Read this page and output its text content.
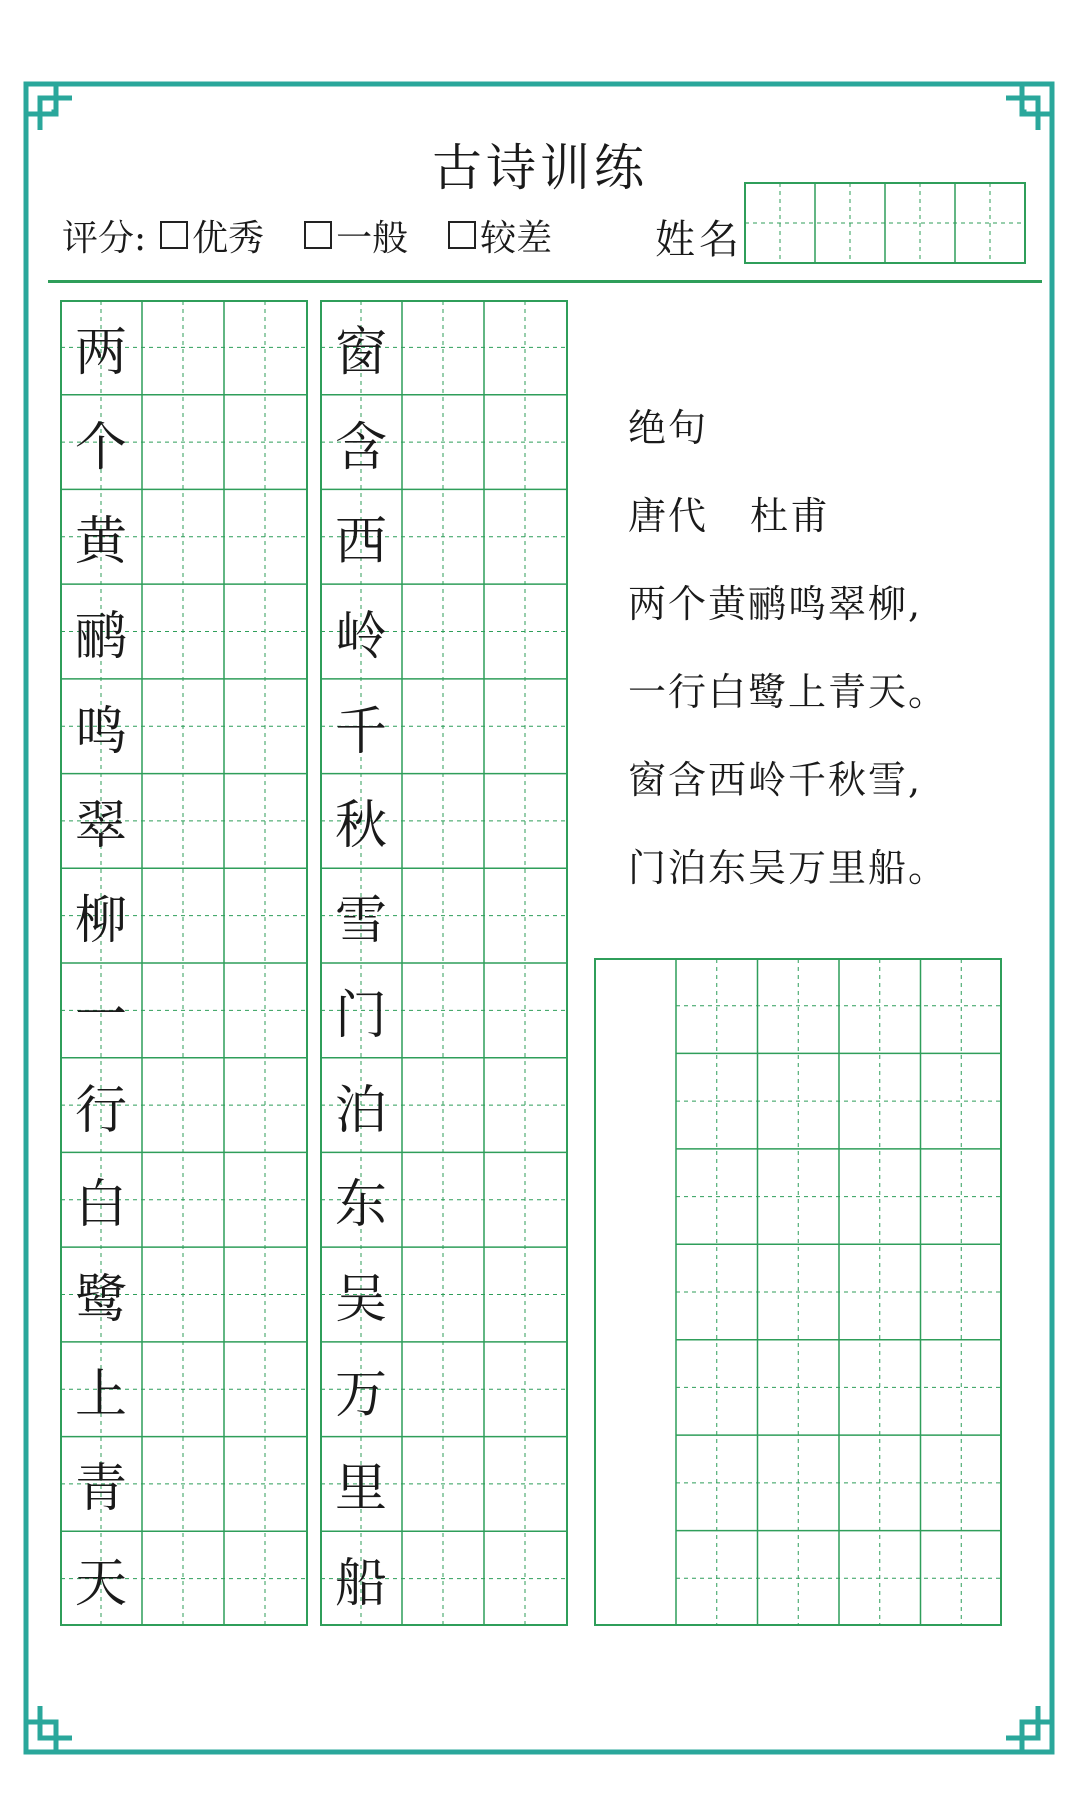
古诗训练
评分: 优秀 一般 较差	姓名
两
个
黄
鹂
鸣
翠
柳
一
行
白
鹭
上
青
天
窗
含
西
岭
千
秋
雪
门
泊
东
吴
万
里
船
绝句
唐代 杜甫
两个黄鹂鸣翠柳,
一行白鹭上青天。
窗含西岭千秋雪,
门泊东吴万里船。
